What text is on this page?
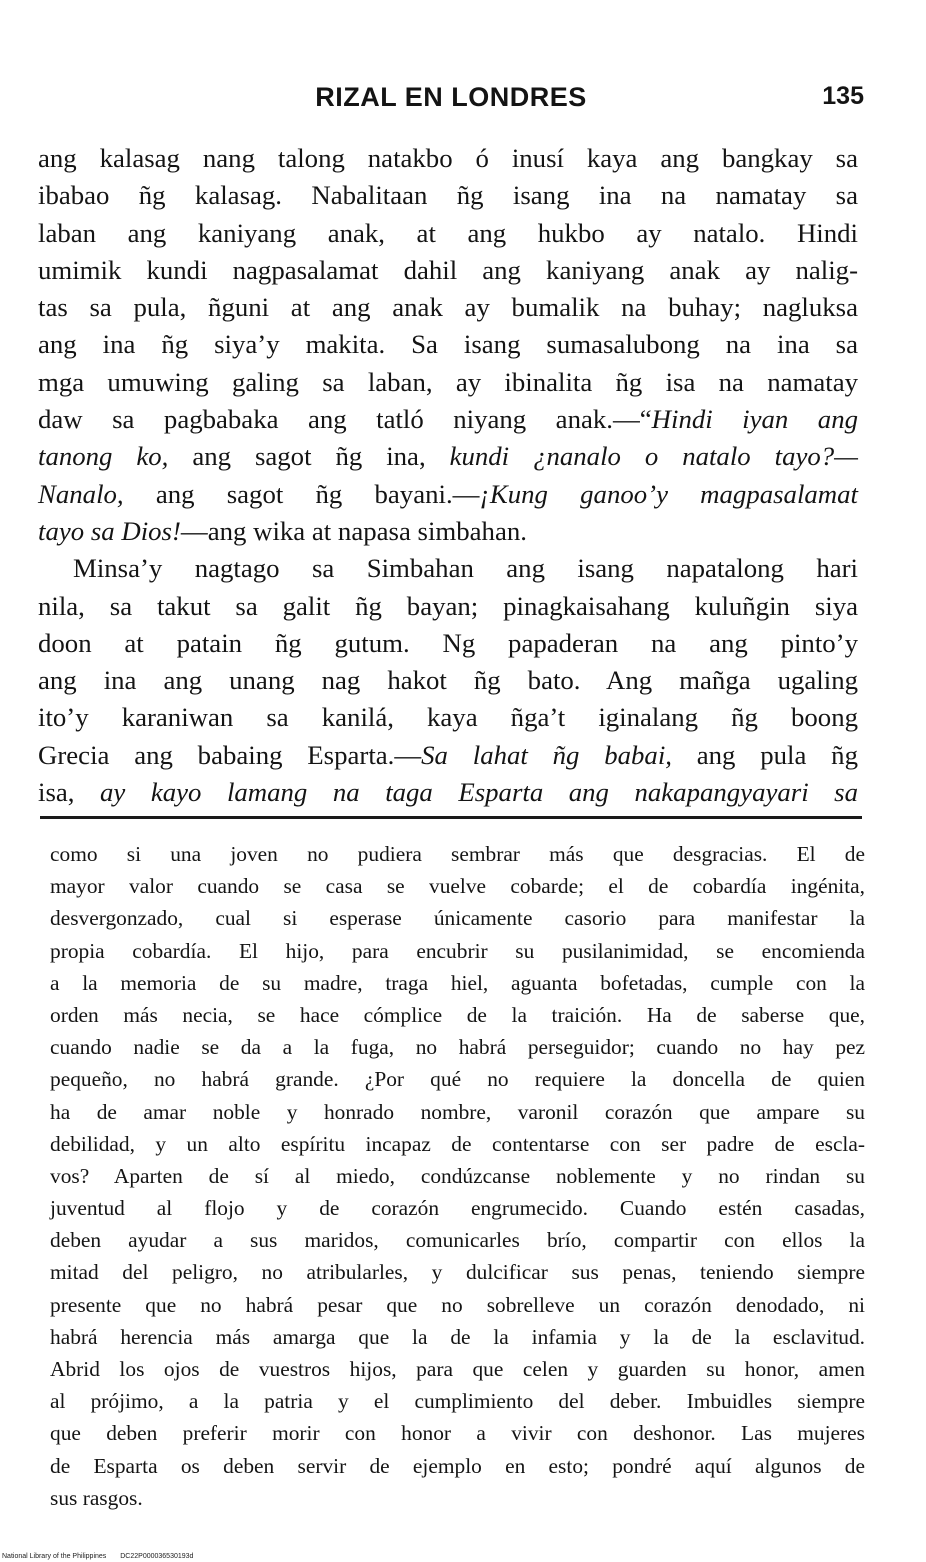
RIZAL EN LONDRES	135
ang kalasag nang talong natakbo ó inusí kaya ang bangkay sa
ibabao ñg kalasag. Nabalitaan ñg isang ina na namatay sa
laban ang kaniyang anak, at ang hukbo ay natalo. Hindi
umimik kundi nagpasalamat dahil ang kaniyang anak ay nalig-
tas sa pula, ñguni at ang anak ay bumalik na buhay; nagluksa
ang ina ñg siya’y makita. Sa isang sumasalubong na ina sa
mga umuwing galing sa laban, ay ibinalita ñg isa na namatay
daw sa pagbabaka ang tatló niyang anak.—“Hindi iyan ang
tanong ko, ang sagot ñg ina, kundi ¿nanalo o natalo tayo?—
Nanalo, ang sagot ñg bayani.—¡Kung ganoo’y magpasalamat
tayo sa Dios!—ang wika at napasa simbahan.
Minsa’y nagtago sa Simbahan ang isang napatalong hari
nila, sa takut sa galit ñg bayan; pinagkaisahang kuluñgin siya
doon at patain ñg gutum. Ng papaderan na ang pinto’y
ang ina ang unang nag hakot ñg bato. Ang mañga ugaling
ito’y karaniwan sa kanilá, kaya ñga’t iginalang ñg boong
Grecia ang babaing Esparta.—Sa lahat ñg babai, ang pula ñg
isa, ay kayo lamang na taga Esparta ang nakapangyayari sa
como si una joven no pudiera sembrar más que desgracias. El de
mayor valor cuando se casa se vuelve cobarde; el de cobardía ingénita,
desvergonzado, cual si esperase únicamente casorio para manifestar la
propia cobardía. El hijo, para encubrir su pusilanimidad, se encomienda
a la memoria de su madre, traga hiel, aguanta bofetadas, cumple con la
orden más necia, se hace cómplice de la traición. Ha de saberse que,
cuando nadie se da a la fuga, no habrá perseguidor; cuando no hay pez
pequeño, no habrá grande. ¿Por qué no requiere la doncella de quien
ha de amar noble y honrado nombre, varonil corazón que ampare su
debilidad, y un alto espíritu incapaz de contentarse con ser padre de escla-
vos? Aparten de sí al miedo, condúzcanse noblemente y no rindan su
juventud al flojo y de corazón engrumecido. Cuando estén casadas,
deben ayudar a sus maridos, comunicarles brío, compartir con ellos la
mitad del peligro, no atribularles, y dulcificar sus penas, teniendo siempre
presente que no habrá pesar que no sobrelleve un corazón denodado, ni
habrá herencia más amarga que la de la infamia y la de la esclavitud.
Abrid los ojos de vuestros hijos, para que celen y guarden su honor, amen
al prójimo, a la patria y el cumplimiento del deber. Imbuidles siempre
que deben preferir morir con honor a vivir con deshonor. Las mujeres
de Esparta os deben servir de ejemplo en esto; pondré aquí algunos de
sus rasgos.
National Library of the Philippines DC22P000036530193d
